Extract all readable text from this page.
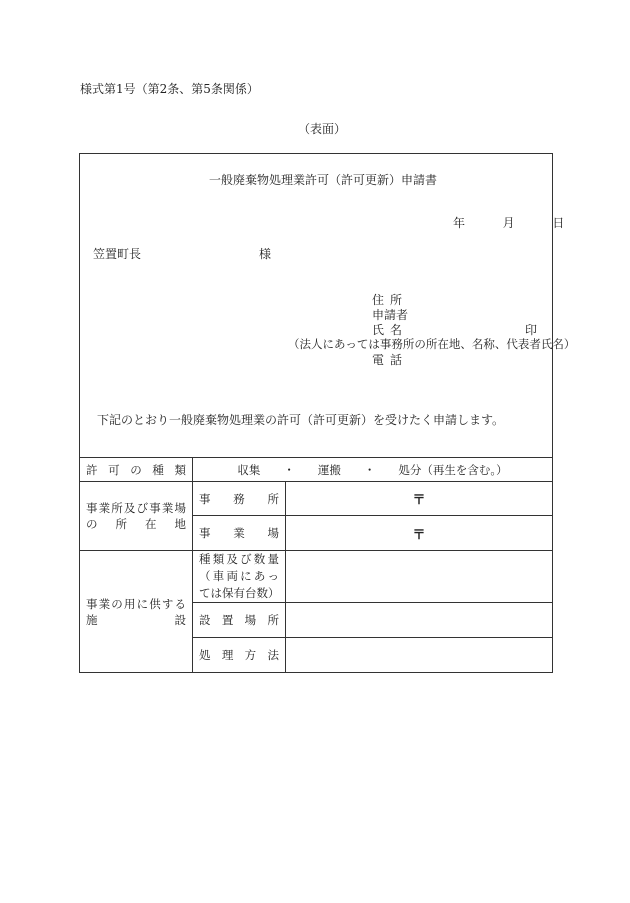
様式第1号（第2条、第5条関係）
（表面）
一般廃棄物処理業許可（許可更新）申請書
年	月	日
笠置町長	様
住所
申請者
氏名	印
（法人にあっては事務所の所在地、名称、代表者氏名）
電話
下記のとおり一般廃棄物処理業の許可（許可更新）を受けたく申請します。
許 可 の 種 類	収集　　・　　運搬　　・　　処分（再生を含む。）	

事業所及び事業場の 所 在 地	事 務 所	〒
	事 業 場	〒

事業の用に供する施 設	種類及び数量（車両にあっては保有台数）	

	設 置 場 所	
	処 理 方 法	
